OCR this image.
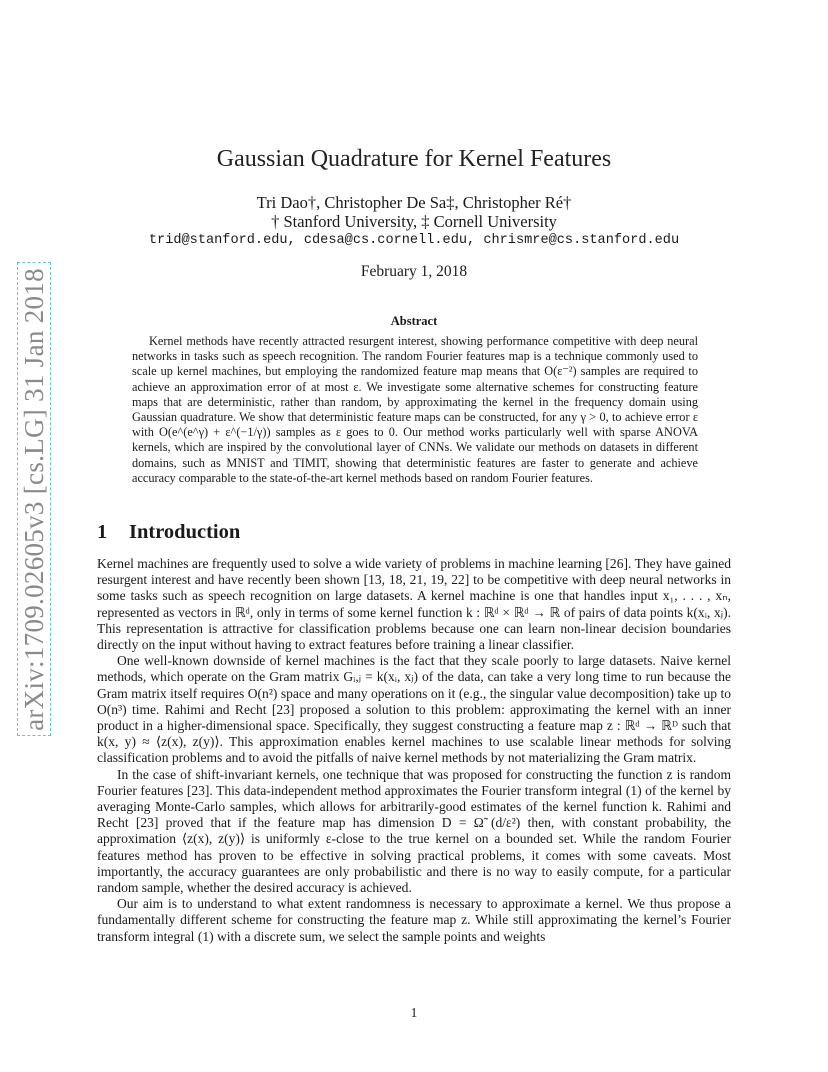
arXiv:1709.02605v3 [cs.LG] 31 Jan 2018
Gaussian Quadrature for Kernel Features
Tri Dao†, Christopher De Sa‡, Christopher Ré†
† Stanford University, ‡ Cornell University
trid@stanford.edu, cdesa@cs.cornell.edu, chrismre@cs.stanford.edu
February 1, 2018
Abstract

Kernel methods have recently attracted resurgent interest, showing performance competitive with deep neural networks in tasks such as speech recognition. The random Fourier features map is a technique commonly used to scale up kernel machines, but employing the randomized feature map means that O(ε⁻²) samples are required to achieve an approximation error of at most ε. We investigate some alternative schemes for constructing feature maps that are deterministic, rather than random, by approximating the kernel in the frequency domain using Gaussian quadrature. We show that deterministic feature maps can be constructed, for any γ > 0, to achieve error ε with O(e^(e^γ) + ε^(−1/γ)) samples as ε goes to 0. Our method works particularly well with sparse ANOVA kernels, which are inspired by the convolutional layer of CNNs. We validate our methods on datasets in different domains, such as MNIST and TIMIT, showing that deterministic features are faster to generate and achieve accuracy comparable to the state-of-the-art kernel methods based on random Fourier features.

1 Introduction

Kernel machines are frequently used to solve a wide variety of problems in machine learning [26]. They have gained resurgent interest and have recently been shown [13, 18, 21, 19, 22] to be competitive with deep neural networks in some tasks such as speech recognition on large datasets. A kernel machine is one that handles input x₁, . . . , xₙ, represented as vectors in ℝᵈ, only in terms of some kernel function k : ℝᵈ × ℝᵈ → ℝ of pairs of data points k(xᵢ, xⱼ). This representation is attractive for classification problems because one can learn non-linear decision boundaries directly on the input without having to extract features before training a linear classifier.

One well-known downside of kernel machines is the fact that they scale poorly to large datasets. Naive kernel methods, which operate on the Gram matrix Gᵢ,ⱼ = k(xᵢ, xⱼ) of the data, can take a very long time to run because the Gram matrix itself requires O(n²) space and many operations on it (e.g., the singular value decomposition) take up to O(n³) time. Rahimi and Recht [23] proposed a solution to this problem: approximating the kernel with an inner product in a higher-dimensional space. Specifically, they suggest constructing a feature map z : ℝᵈ → ℝᴰ such that k(x, y) ≈ ⟨z(x), z(y)⟩. This approximation enables kernel machines to use scalable linear methods for solving classification problems and to avoid the pitfalls of naive kernel methods by not materializing the Gram matrix.

In the case of shift-invariant kernels, one technique that was proposed for constructing the function z is random Fourier features [23]. This data-independent method approximates the Fourier transform integral (1) of the kernel by averaging Monte-Carlo samples, which allows for arbitrarily-good estimates of the kernel function k. Rahimi and Recht [23] proved that if the feature map has dimension D = Ω̃ (d/ε²) then, with constant probability, the approximation ⟨z(x), z(y)⟩ is uniformly ε-close to the true kernel on a bounded set. While the random Fourier features method has proven to be effective in solving practical problems, it comes with some caveats. Most importantly, the accuracy guarantees are only probabilistic and there is no way to easily compute, for a particular random sample, whether the desired accuracy is achieved.

Our aim is to understand to what extent randomness is necessary to approximate a kernel. We thus propose a fundamentally different scheme for constructing the feature map z. While still approximating the kernel’s Fourier transform integral (1) with a discrete sum, we select the sample points and weights

1
